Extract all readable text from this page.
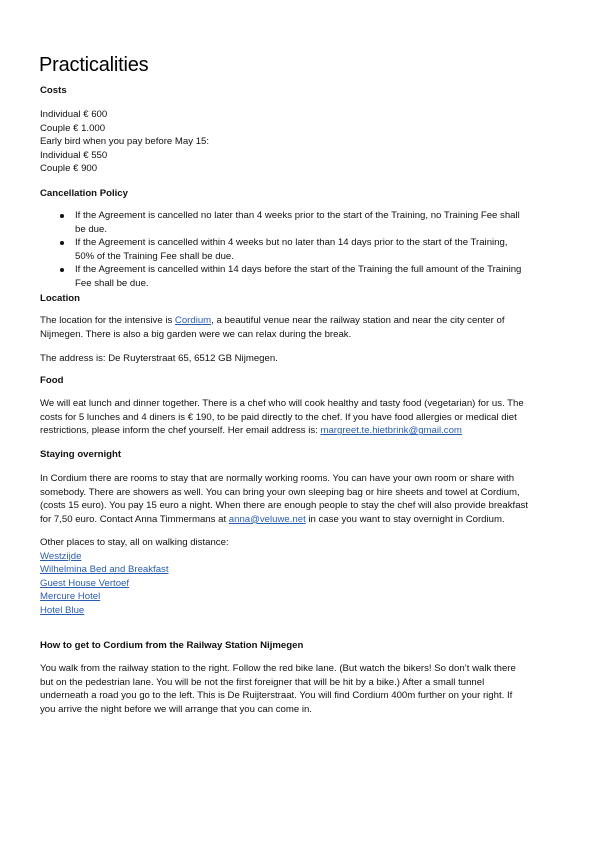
Practicalities
Costs
Individual € 600
Couple € 1.000
Early bird when you pay before May 15:
Individual € 550
Couple € 900
Cancellation Policy
If the Agreement is cancelled no later than 4 weeks prior to the start of the Training, no Training Fee shall
be due.
If the Agreement is cancelled within 4 weeks but no later than 14 days prior to the start of the Training,
50% of the Training Fee shall be due.
If the Agreement is cancelled within 14 days before the start of the Training the full amount of the Training
Fee shall be due.
Location
The location for the intensive is Cordium, a beautiful venue near the railway station and near the city center of
Nijmegen. There is also a big garden were we can relax during the break.
The address is: De Ruyterstraat 65, 6512 GB Nijmegen.
Food
We will eat lunch and dinner together. There is a chef who will cook healthy and tasty food (vegetarian) for us. The
costs for 5 lunches and 4 diners is € 190, to be paid directly to the chef. If you have food allergies or medical diet
restrictions, please inform the chef yourself. Her email address is: margreet.te.hietbrink@gmail.com
Staying overnight
In Cordium there are rooms to stay that are normally working rooms. You can have your own room or share with
somebody. There are showers as well. You can bring your own sleeping bag or hire sheets and towel at Cordium,
(costs 15 euro). You pay 15 euro a night. When there are enough people to stay the chef will also provide breakfast
for 7,50 euro. Contact Anna Timmermans at anna@veluwe.net in case you want to stay overnight in Cordium.
Other places to stay, all on walking distance:
Westzijde
Wilhelmina Bed and Breakfast
Guest House Vertoef
Mercure Hotel
Hotel Blue
How to get to Cordium from the Railway Station Nijmegen
You walk from the railway station to the right. Follow the red bike lane. (But watch the bikers! So don’t walk there
but on the pedestrian lane. You will be not the first foreigner that will be hit by a bike.) After a small tunnel
underneath a road you go to the left. This is De Ruijterstraat. You will find Cordium 400m further on your right. If
you arrive the night before we will arrange that you can come in.
